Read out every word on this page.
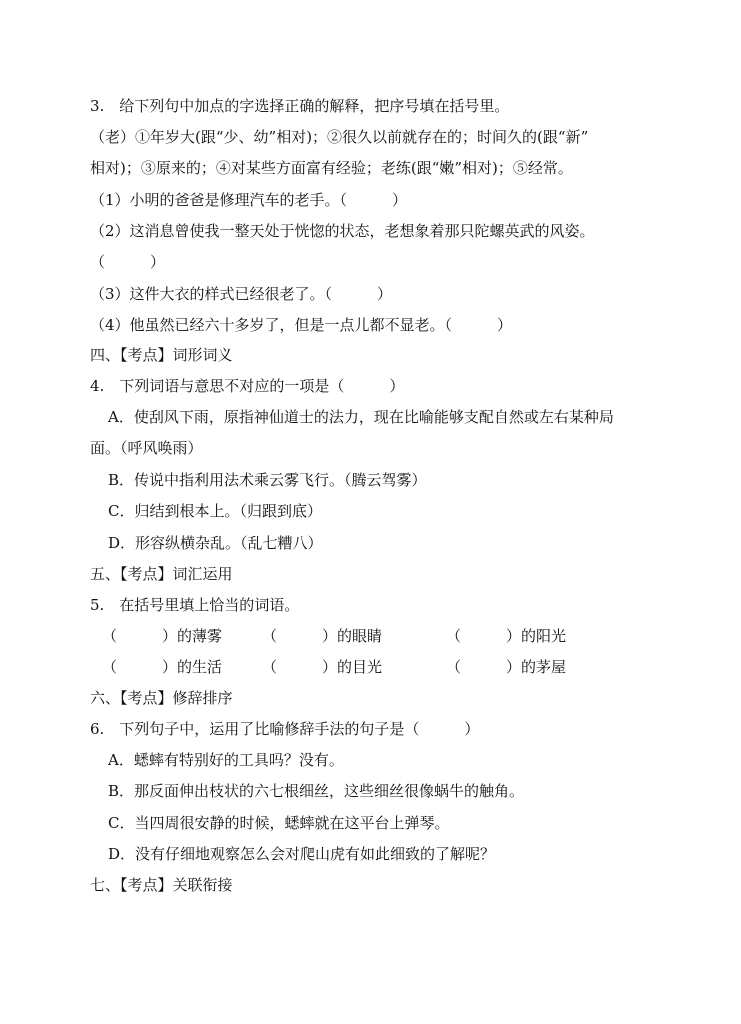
3.　给下列句中加点的字选择正确的解释，把序号填在括号里。
（老）①年岁大(跟“少、幼”相对)；②很久以前就存在的；时间久的(跟“新”
相对)；③原来的；④对某些方面富有经验；老练(跟“嫩”相对)；⑤经常。
（1）小明的爸爸是修理汽车的老手。（　　　）
（2）这消息曾使我一整天处于恍惚的状态，老想象着那只陀螺英武的风姿。
（　　　）
（3）这件大衣的样式已经很老了。（　　　）
（4）他虽然已经六十多岁了，但是一点儿都不显老。（　　　）
四、【考点】词形词义
4.　下列词语与意思不对应的一项是（　　　）
A．使刮风下雨，原指神仙道士的法力，现在比喻能够支配自然或左右某种局
面。（呼风唤雨）
B．传说中指利用法术乘云雾飞行。（腾云驾雾）
C．归结到根本上。（归跟到底）
D．形容纵横杂乱。（乱七糟八）
五、【考点】词汇运用
5.　在括号里填上恰当的词语。
（　　　）的薄雾	（　　　）的眼睛	（　　　）的阳光
（　　　）的生活	（　　　）的目光	（　　　）的茅屋
六、【考点】修辞排序
6.　下列句子中，运用了比喻修辞手法的句子是（　　　）
A．蟋蟀有特别好的工具吗？没有。
B．那反面伸出枝状的六七根细丝，这些细丝很像蜗牛的触角。
C．当四周很安静的时候，蟋蟀就在这平台上弹琴。
D．没有仔细地观察怎么会对爬山虎有如此细致的了解呢？
七、【考点】关联衔接
